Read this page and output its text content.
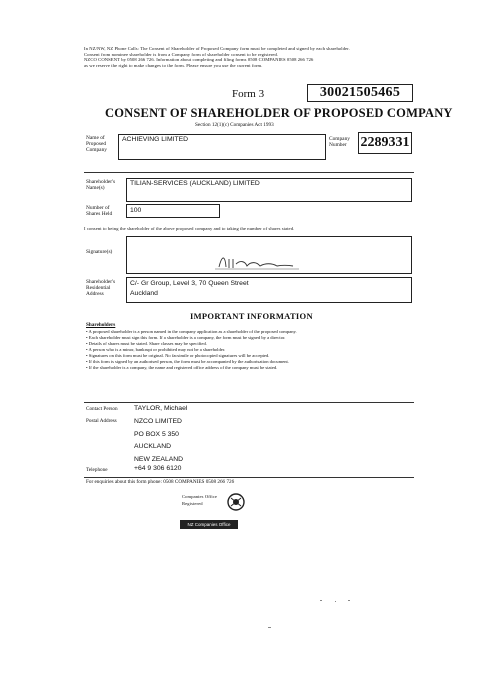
In NZ/NW, NZ Phone Calls: The Consent of Shareholder of Proposed Company form must be completed and signed by each shareholder.
Consent from nominee shareholder is from a Company form of shareholder consent to be registered.
NZCO CONSENT by 0508 266 726. Information about completing and filing forms 0508 COMPANIES 0508 266 726
as we reserve the right to make changes to the form. Please ensure you use the current form.
Form 3	30021505465
CONSENT OF SHAREHOLDER OF PROPOSED COMPANY
Section 12(1)(c) Companies Act 1993
Name of Proposed Company
ACHIEVING LIMITED	Company Number 2289331
Shareholder's Name(s)
TILIAN-SERVICES (AUCKLAND) LIMITED
Number of Shares Held	100
I consent to being the shareholder of the above proposed company and to taking the number of shares stated.
Signature(s)
Shareholder's Residential Address
C/- Gr Group, Level 3, 70 Queen Street
Auckland
IMPORTANT INFORMATION
Shareholders
• A proposed shareholder is a person named in the company application as a shareholder of the proposed company.
• Each shareholder must sign this form. If a shareholder is a company, the form must be signed by a director.
• Details of shares must be stated. Share classes may be specified.
• A person who is a minor, bankrupt or prohibited may not be a shareholder.
• Signatures on this form must be original. No facsimile or photocopied signatures will be accepted.
• If this form is signed by an authorised person, the form must be accompanied by the authorisation document.
• If the shareholder is a company, the name and registered office address of the company must be stated.
Contact Person TAYLOR, Michael
Postal Address	NZCO LIMITED
PO BOX 5 350
AUCKLAND
NEW ZEALAND
Telephone	+64 9 306 6120
For enquiries about this form phone: 0508 COMPANIES 0508 266 726
Companies Office
Registered
NZ Companies Office
